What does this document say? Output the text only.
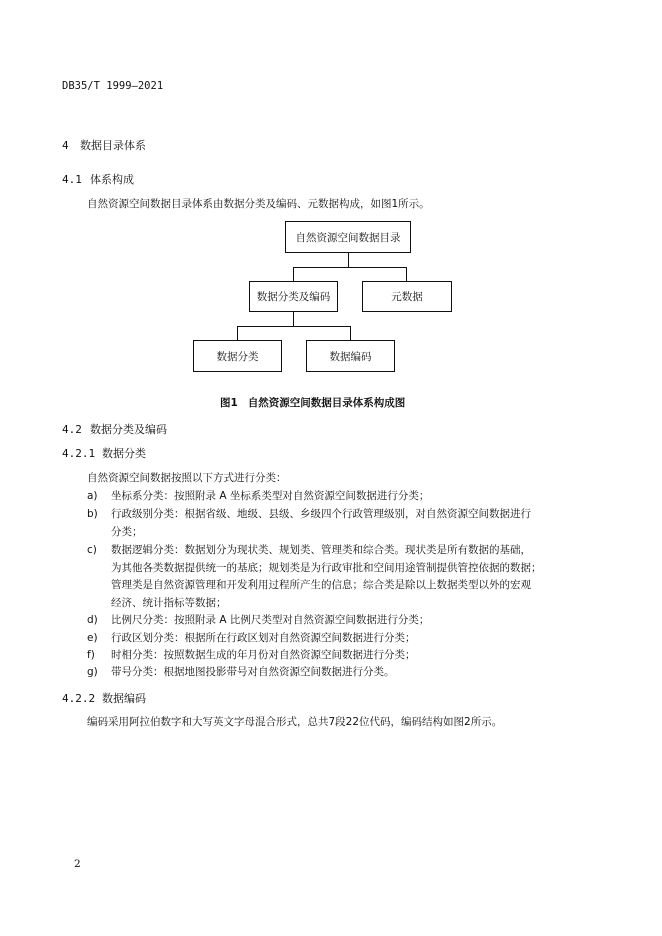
DB35/T 1999—2021
4 数据目录体系
4.1 体系构成
自然资源空间数据目录体系由数据分类及编码、元数据构成，如图1所示。
自然资源空间数据目录
数据分类及编码	元数据
数据分类	数据编码
图1 自然资源空间数据目录体系构成图
4.2 数据分类及编码
4.2.1 数据分类
自然资源空间数据按照以下方式进行分类：
a) 坐标系分类：按照附录 A 坐标系类型对自然资源空间数据进行分类；
b) 行政级别分类：根据省级、地级、县级、乡级四个行政管理级别，对自然资源空间数据进行
分类；
c) 数据逻辑分类：数据划分为现状类、规划类、管理类和综合类。现状类是所有数据的基础，
为其他各类数据提供统一的基底；规划类是为行政审批和空间用途管制提供管控依据的数据；
管理类是自然资源管理和开发利用过程所产生的信息；综合类是除以上数据类型以外的宏观
经济、统计指标等数据；
d) 比例尺分类：按照附录 A 比例尺类型对自然资源空间数据进行分类；
e) 行政区划分类：根据所在行政区划对自然资源空间数据进行分类；
f) 时相分类：按照数据生成的年月份对自然资源空间数据进行分类；
g) 带号分类：根据地图投影带号对自然资源空间数据进行分类。
4.2.2 数据编码
编码采用阿拉伯数字和大写英文字母混合形式，总共7段22位代码，编码结构如图2所示。
2
